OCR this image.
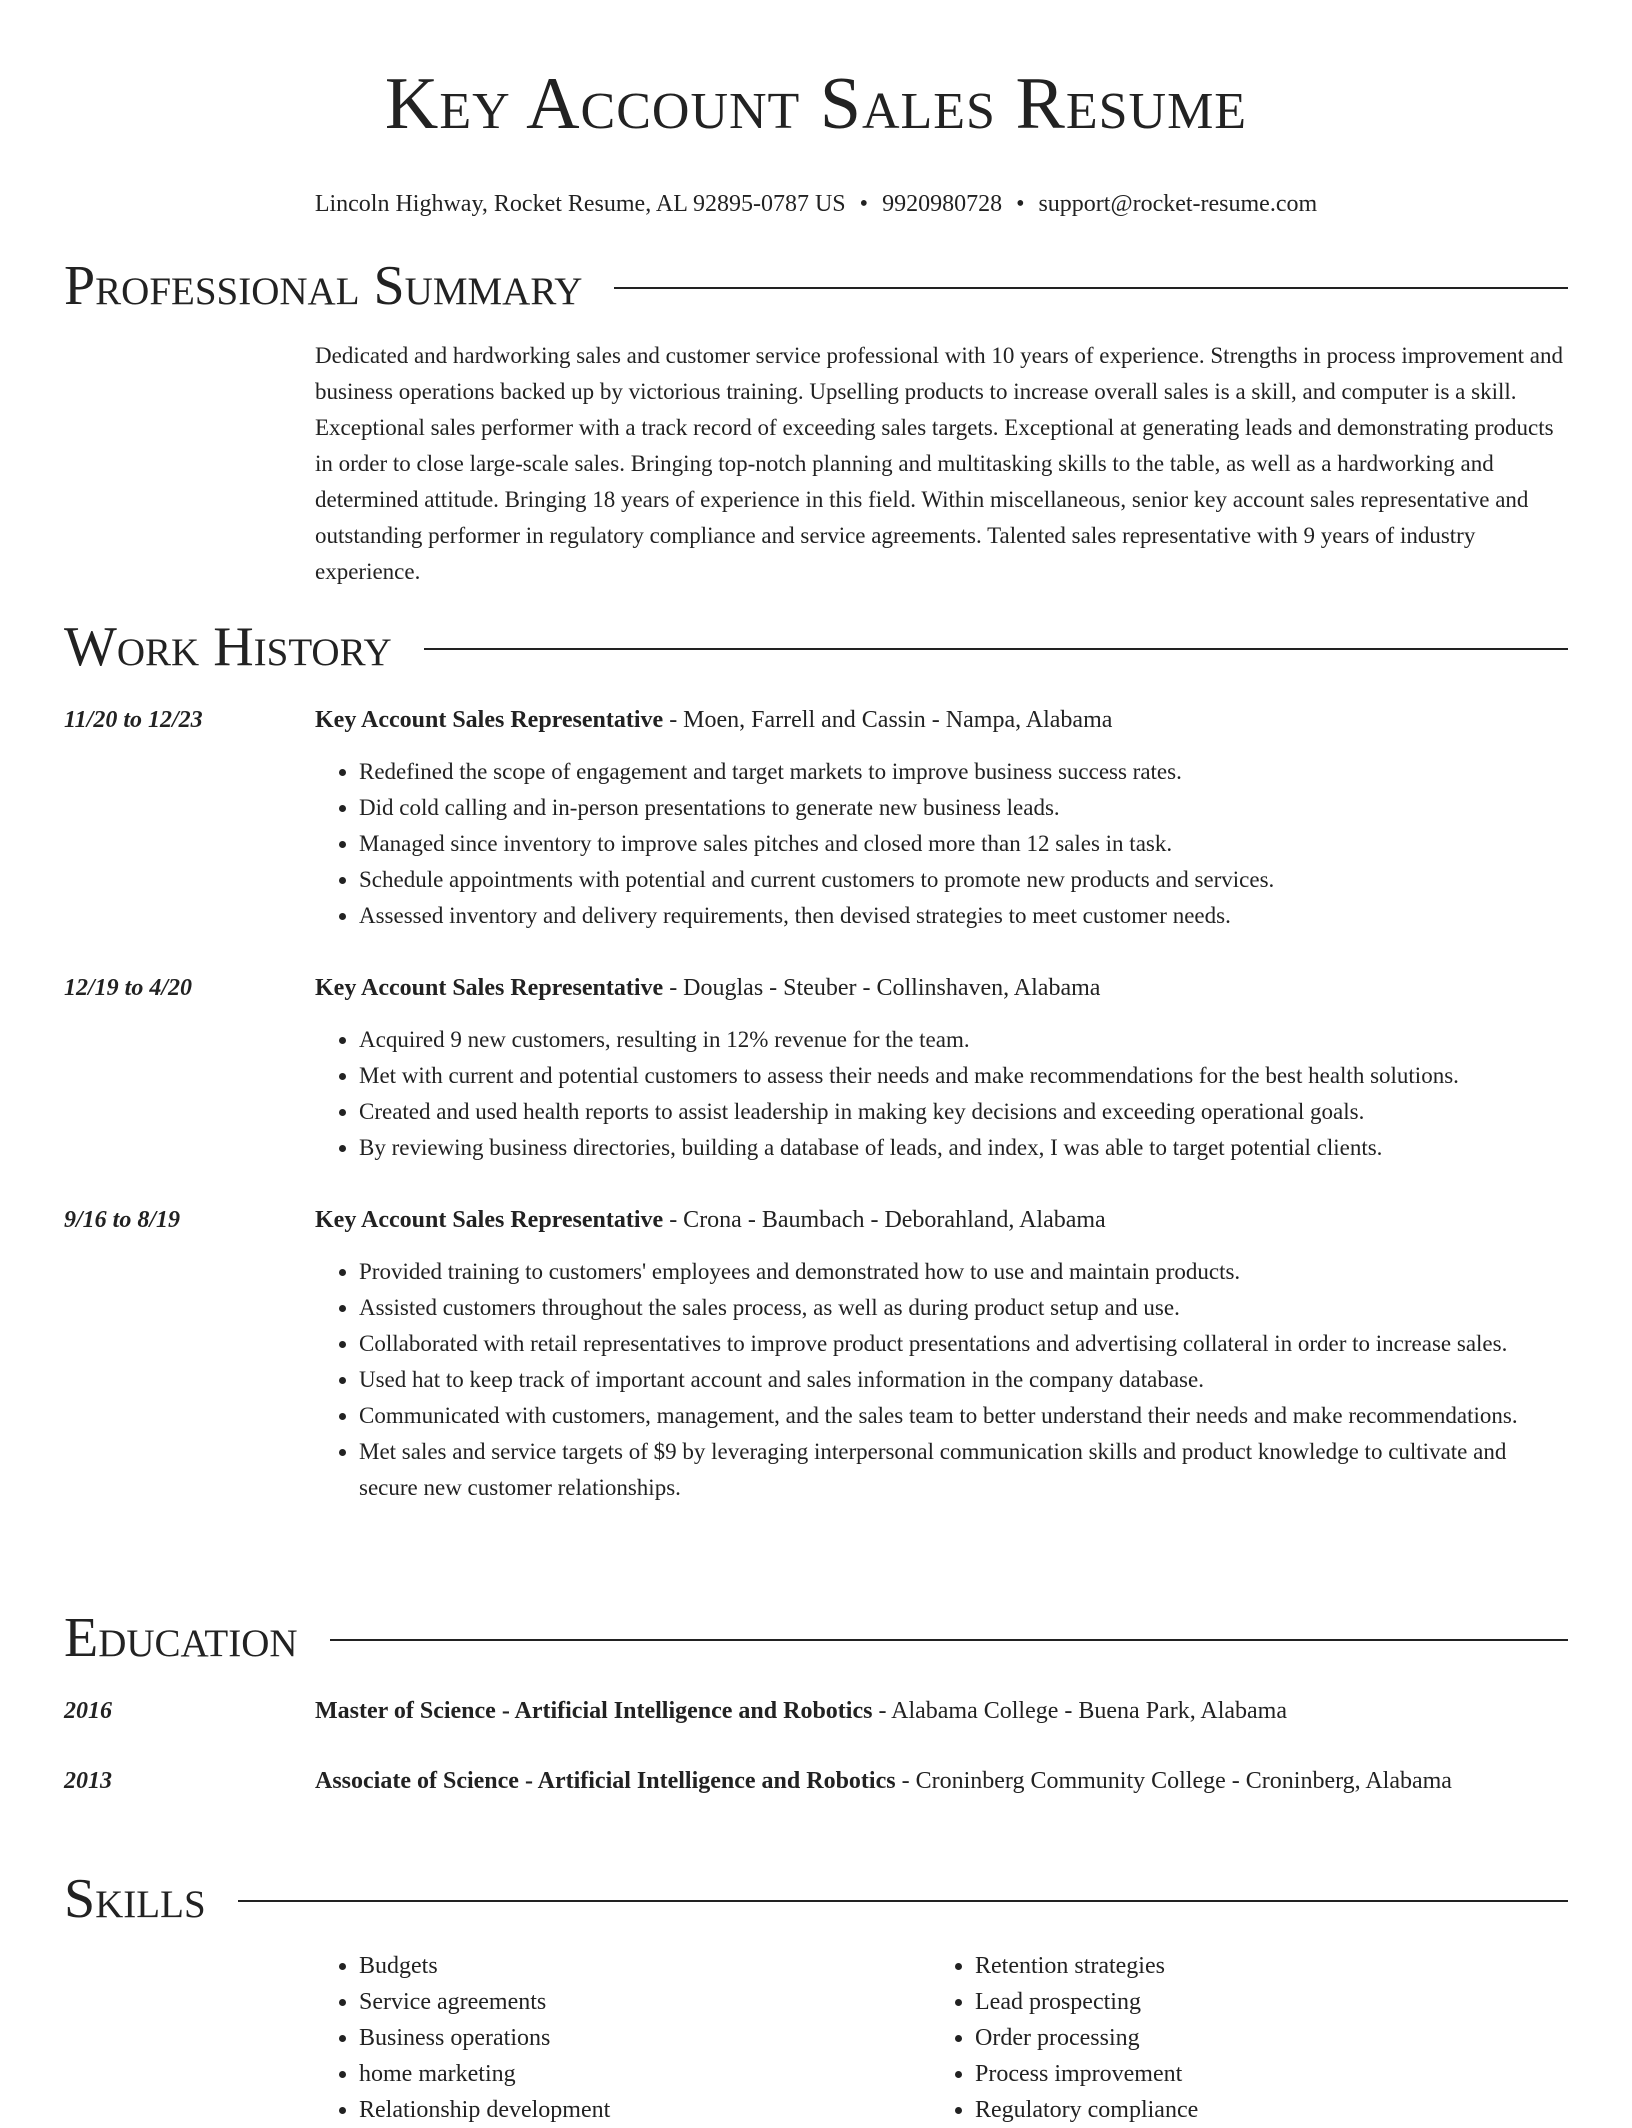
Key Account Sales Resume
Lincoln Highway, Rocket Resume, AL 92895-0787 US • 9920980728 • support@rocket-resume.com
Professional Summary

Dedicated and hardworking sales and customer service professional with 10 years of experience. Strengths in process improvement and business operations backed up by victorious training. Upselling products to increase overall sales is a skill, and computer is a skill. Exceptional sales performer with a track record of exceeding sales targets. Exceptional at generating leads and demonstrating products in order to close large-scale sales. Bringing top-notch planning and multitasking skills to the table, as well as a hardworking and determined attitude. Bringing 18 years of experience in this field. Within miscellaneous, senior key account sales representative and outstanding performer in regulatory compliance and service agreements. Talented sales representative with 9 years of industry experience.

Work History
11/20 to 12/23	Key Account Sales Representative - Moen, Farrell and Cassin - Nampa, Alabama
• Redefined the scope of engagement and target markets to improve business success rates.
• Did cold calling and in-person presentations to generate new business leads.
• Managed since inventory to improve sales pitches and closed more than 12 sales in task.
• Schedule appointments with potential and current customers to promote new products and services.
• Assessed inventory and delivery requirements, then devised strategies to meet customer needs.
12/19 to 4/20	Key Account Sales Representative - Douglas - Steuber - Collinshaven, Alabama
• Acquired 9 new customers, resulting in 12% revenue for the team.
• Met with current and potential customers to assess their needs and make recommendations for the best health solutions.
• Created and used health reports to assist leadership in making key decisions and exceeding operational goals.
• By reviewing business directories, building a database of leads, and index, I was able to target potential clients.
9/16 to 8/19	Key Account Sales Representative - Crona - Baumbach - Deborahland, Alabama
• Provided training to customers' employees and demonstrated how to use and maintain products.
• Assisted customers throughout the sales process, as well as during product setup and use.
• Collaborated with retail representatives to improve product presentations and advertising collateral in order to increase sales.
• Used hat to keep track of important account and sales information in the company database.
• Communicated with customers, management, and the sales team to better understand their needs and make recommendations.
• Met sales and service targets of $9 by leveraging interpersonal communication skills and product knowledge to cultivate and secure new customer relationships.
Education
2016	Master of Science - Artificial Intelligence and Robotics - Alabama College - Buena Park, Alabama
2013	Associate of Science - Artificial Intelligence and Robotics - Croninberg Community College - Croninberg, Alabama
Skills
• Budgets
• Service agreements
• Business operations
• home marketing
• Relationship development
• Retention strategies
• Lead prospecting
• Order processing
• Process improvement
• Regulatory compliance
